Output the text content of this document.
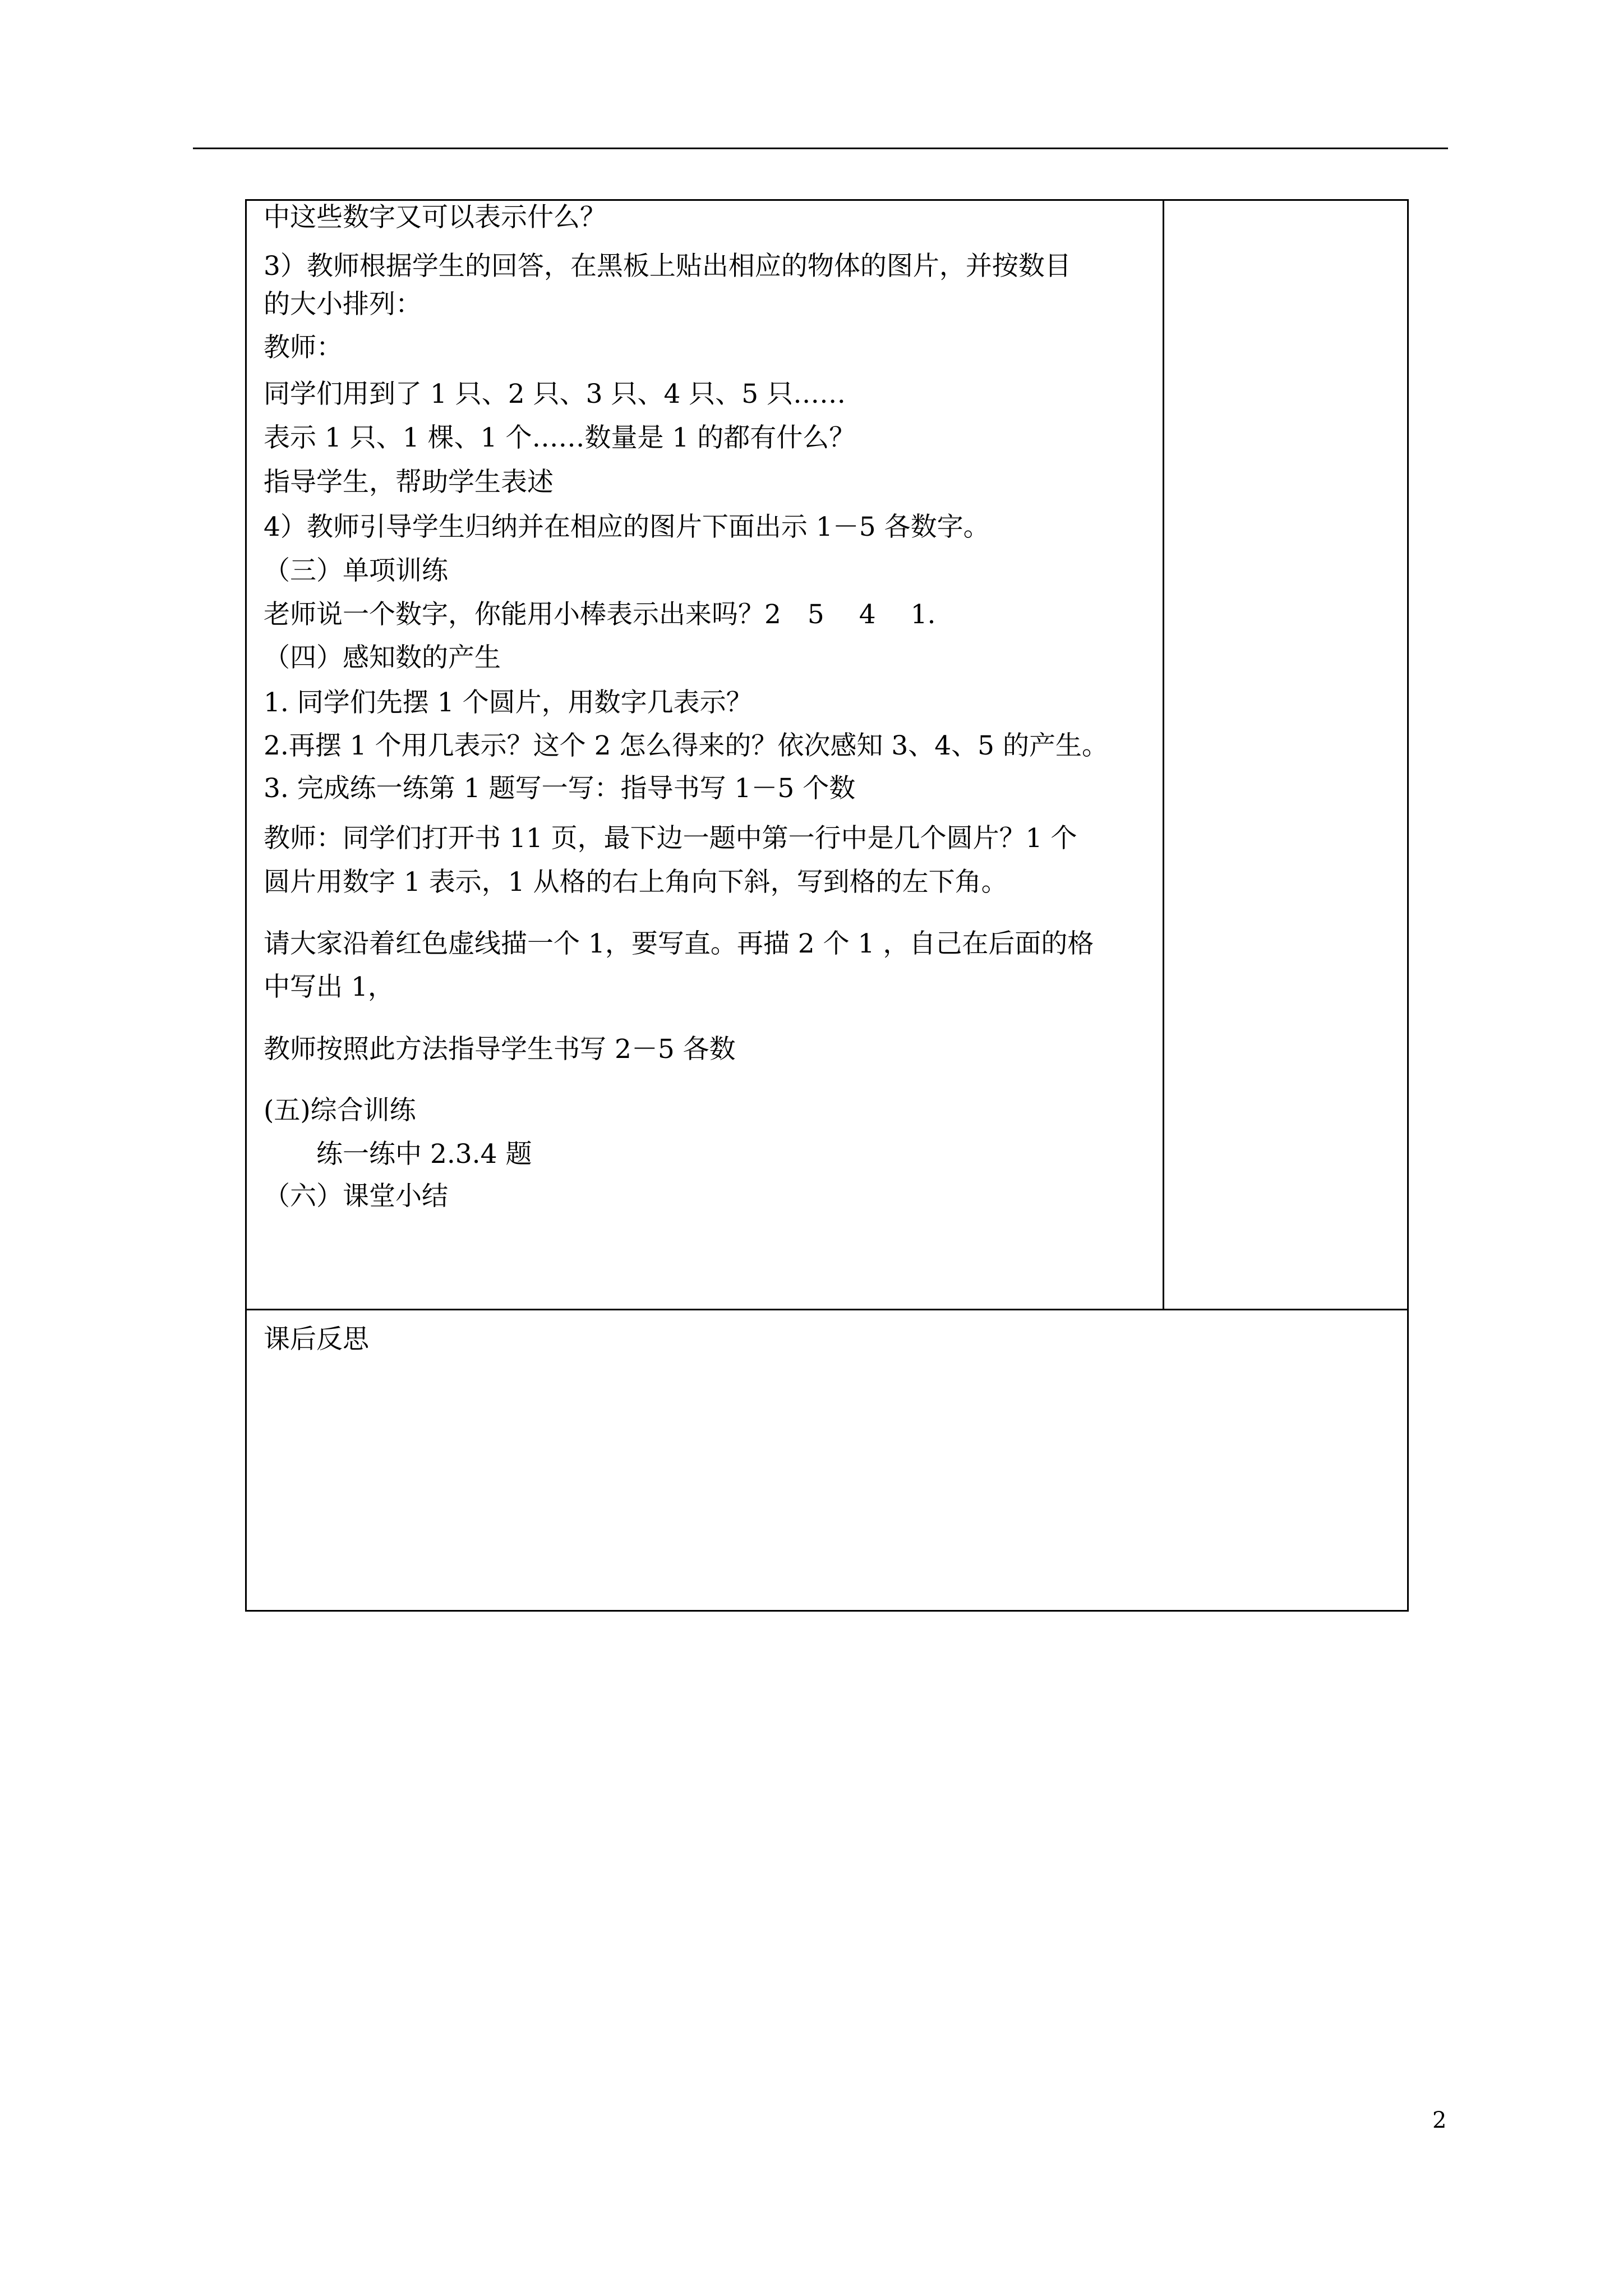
中这些数字又可以表示什么？
3）教师根据学生的回答，在黑板上贴出相应的物体的图片，并按数目
的大小排列：
教师：
同学们用到了 1 只、2 只、3 只、4 只、5 只……
表示 1 只、1 棵、1 个……数量是 1 的都有什么？
指导学生，帮助学生表述
4）教师引导学生归纳并在相应的图片下面出示 1－5 各数字。
（三）单项训练
老师说一个数字，你能用小棒表示出来吗？2　5　 4　 1.
（四）感知数的产生
1. 同学们先摆 1 个圆片，用数字几表示？
2.再摆 1 个用几表示？这个 2 怎么得来的？依次感知 3、4、5 的产生。
3. 完成练一练第 1 题写一写：指导书写 1－5 个数
教师：同学们打开书 11 页，最下边一题中第一行中是几个圆片？1 个
圆片用数字 1 表示，1 从格的右上角向下斜，写到格的左下角。
请大家沿着红色虚线描一个 1，要写直。再描 2 个 1 ，自己在后面的格
中写出 1，
教师按照此方法指导学生书写 2－5 各数
(五)综合训练
　　练一练中 2.3.4 题
（六）课堂小结
课后反思
2
